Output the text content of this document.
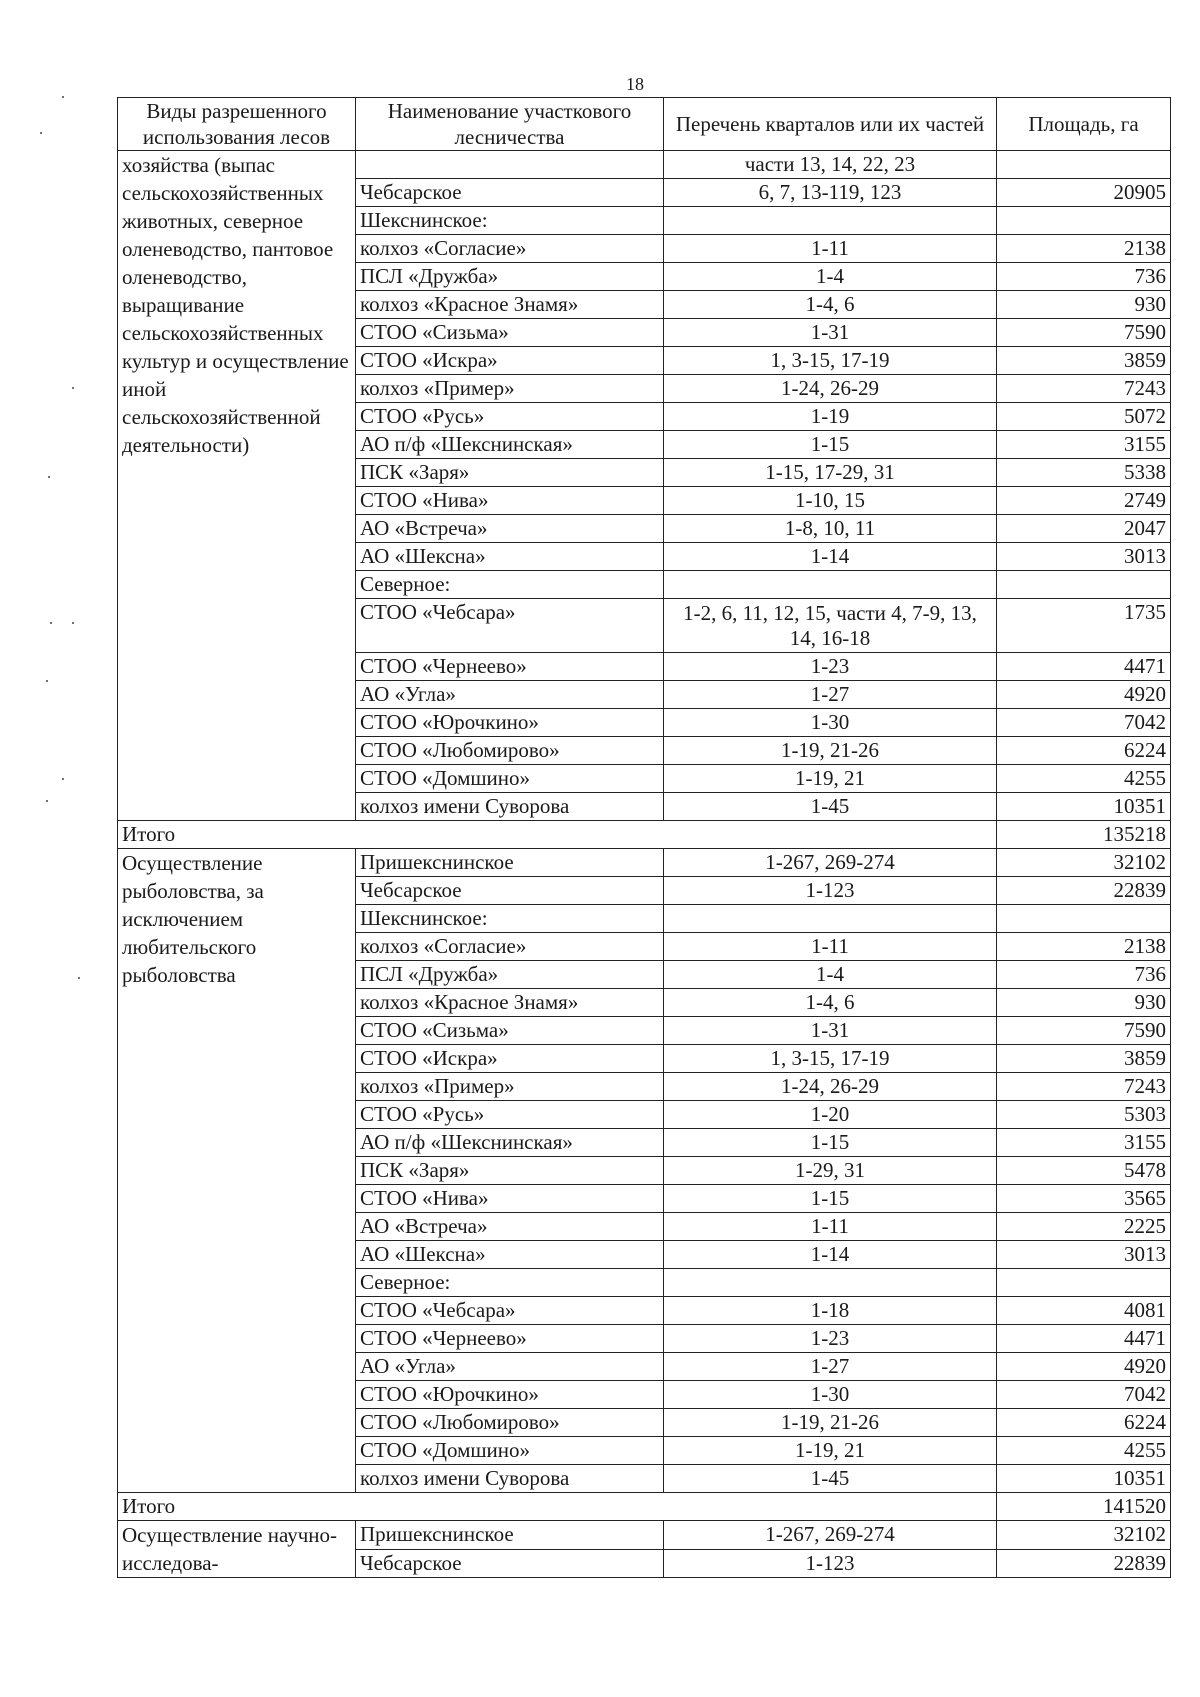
18
Виды разрешенного использования лесов	Наименование участкового лесничества	Перечень кварталов или их частей	Площадь, га
хозяйства (выпас сельскохозяйственных животных, северное оленеводство, пантовое оленеводство, выращивание сельскохозяйственных культур и осуществление иной сельскохозяйственной деятельности)		части 13, 14, 22, 23	
	Чебсарское	6, 7, 13-119, 123	20905
	Шекснинское:		
	колхоз «Согласие»	1-11	2138
	ПСЛ «Дружба»	1-4	736
	колхоз «Красное Знамя»	1-4, 6	930
	СТОО «Сизьма»	1-31	7590
	СТОО «Искра»	1, 3-15, 17-19	3859
	колхоз «Пример»	1-24, 26-29	7243
	СТОО «Русь»	1-19	5072
	АО п/ф «Шекснинская»	1-15	3155
	ПСК «Заря»	1-15, 17-29, 31	5338
	СТОО «Нива»	1-10, 15	2749
	АО «Встреча»	1-8, 10, 11	2047
	АО «Шексна»	1-14	3013
	Северное:		
	СТОО «Чебсара»	1-2, 6, 11, 12, 15, части 4, 7-9, 13, 14, 16-18	1735
	СТОО «Чернеево»	1-23	4471
	АО «Угла»	1-27	4920
	СТОО «Юрочкино»	1-30	7042
	СТОО «Любомирово»	1-19, 21-26	6224
	СТОО «Домшино»	1-19, 21	4255
	колхоз имени Суворова	1-45	10351
Итого			135218
Осуществление рыболовства, за исключением любительского рыболовства	Пришекснинское	1-267, 269-274	32102
	Чебсарское	1-123	22839
	Шекснинское:		
	колхоз «Согласие»	1-11	2138
	ПСЛ «Дружба»	1-4	736
	колхоз «Красное Знамя»	1-4, 6	930
	СТОО «Сизьма»	1-31	7590
	СТОО «Искра»	1, 3-15, 17-19	3859
	колхоз «Пример»	1-24, 26-29	7243
	СТОО «Русь»	1-20	5303
	АО п/ф «Шекснинская»	1-15	3155
	ПСК «Заря»	1-29, 31	5478
	СТОО «Нива»	1-15	3565
	АО «Встреча»	1-11	2225
	АО «Шексна»	1-14	3013
	Северное:		
	СТОО «Чебсара»	1-18	4081
	СТОО «Чернеево»	1-23	4471
	АО «Угла»	1-27	4920
	СТОО «Юрочкино»	1-30	7042
	СТОО «Любомирово»	1-19, 21-26	6224
	СТОО «Домшино»	1-19, 21	4255
	колхоз имени Суворова	1-45	10351
Итого			141520
Осуществление научно-исследова-	Пришекснинское	1-267, 269-274	32102
	Чебсарское	1-123	22839
